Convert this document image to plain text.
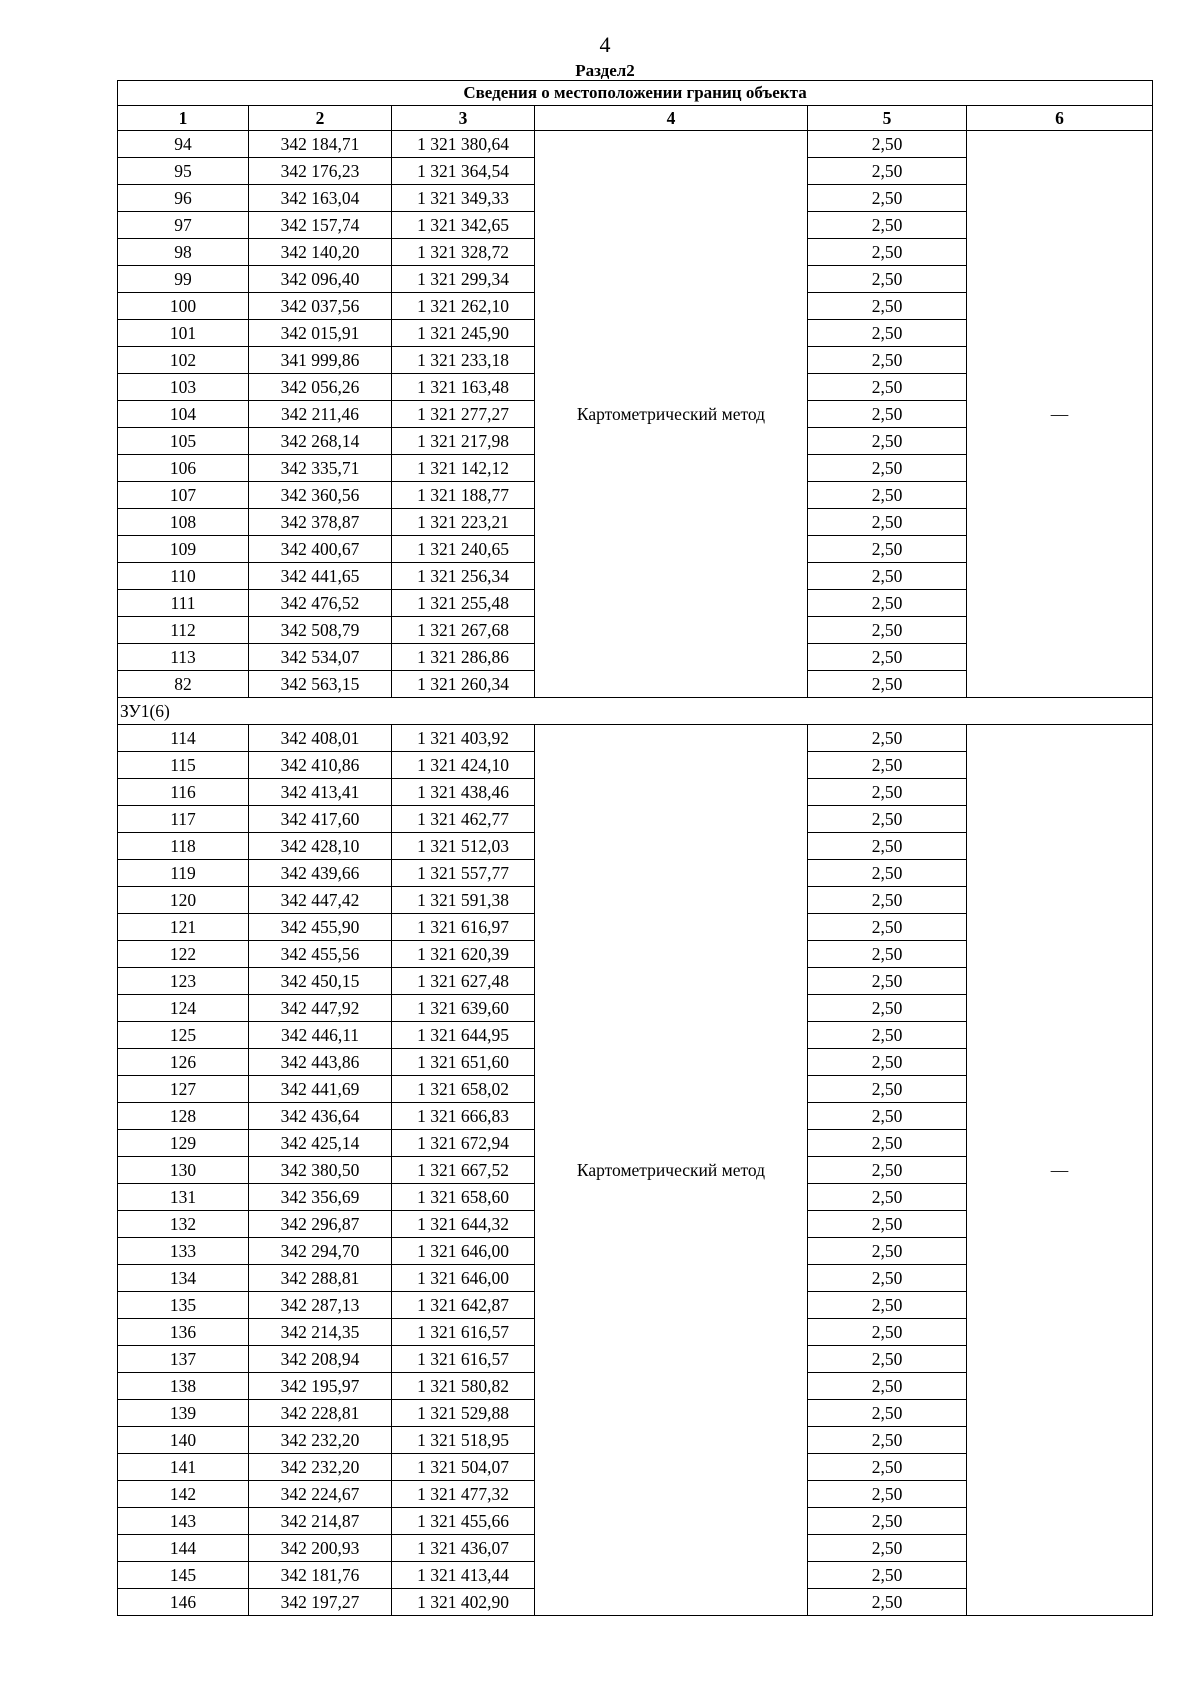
4
Раздел2
Сведения о местоположении границ объекта					
1	2	3	4	5	6
94	342 184,71	1 321 380,64	Картометрический метод	2,50	—
95	342 176,23	1 321 364,54		2,50	
96	342 163,04	1 321 349,33		2,50	
97	342 157,74	1 321 342,65		2,50	
98	342 140,20	1 321 328,72		2,50	
99	342 096,40	1 321 299,34		2,50	
100	342 037,56	1 321 262,10		2,50	
101	342 015,91	1 321 245,90		2,50	
102	341 999,86	1 321 233,18		2,50	
103	342 056,26	1 321 163,48		2,50	
104	342 211,46	1 321 277,27		2,50	
105	342 268,14	1 321 217,98		2,50	
106	342 335,71	1 321 142,12		2,50	
107	342 360,56	1 321 188,77		2,50	
108	342 378,87	1 321 223,21		2,50	
109	342 400,67	1 321 240,65		2,50	
110	342 441,65	1 321 256,34		2,50	
111	342 476,52	1 321 255,48		2,50	
112	342 508,79	1 321 267,68		2,50	
113	342 534,07	1 321 286,86		2,50	
82	342 563,15	1 321 260,34		2,50	
ЗУ1(6)					
114	342 408,01	1 321 403,92	Картометрический метод	2,50	—
115	342 410,86	1 321 424,10		2,50	
116	342 413,41	1 321 438,46		2,50	
117	342 417,60	1 321 462,77		2,50	
118	342 428,10	1 321 512,03		2,50	
119	342 439,66	1 321 557,77		2,50	
120	342 447,42	1 321 591,38		2,50	
121	342 455,90	1 321 616,97		2,50	
122	342 455,56	1 321 620,39		2,50	
123	342 450,15	1 321 627,48		2,50	
124	342 447,92	1 321 639,60		2,50	
125	342 446,11	1 321 644,95		2,50	
126	342 443,86	1 321 651,60		2,50	
127	342 441,69	1 321 658,02		2,50	
128	342 436,64	1 321 666,83		2,50	
129	342 425,14	1 321 672,94		2,50	
130	342 380,50	1 321 667,52		2,50	
131	342 356,69	1 321 658,60		2,50	
132	342 296,87	1 321 644,32		2,50	
133	342 294,70	1 321 646,00		2,50	
134	342 288,81	1 321 646,00		2,50	
135	342 287,13	1 321 642,87		2,50	
136	342 214,35	1 321 616,57		2,50	
137	342 208,94	1 321 616,57		2,50	
138	342 195,97	1 321 580,82		2,50	
139	342 228,81	1 321 529,88		2,50	
140	342 232,20	1 321 518,95		2,50	
141	342 232,20	1 321 504,07		2,50	
142	342 224,67	1 321 477,32		2,50	
143	342 214,87	1 321 455,66		2,50	
144	342 200,93	1 321 436,07		2,50	
145	342 181,76	1 321 413,44		2,50	
146	342 197,27	1 321 402,90		2,50	
